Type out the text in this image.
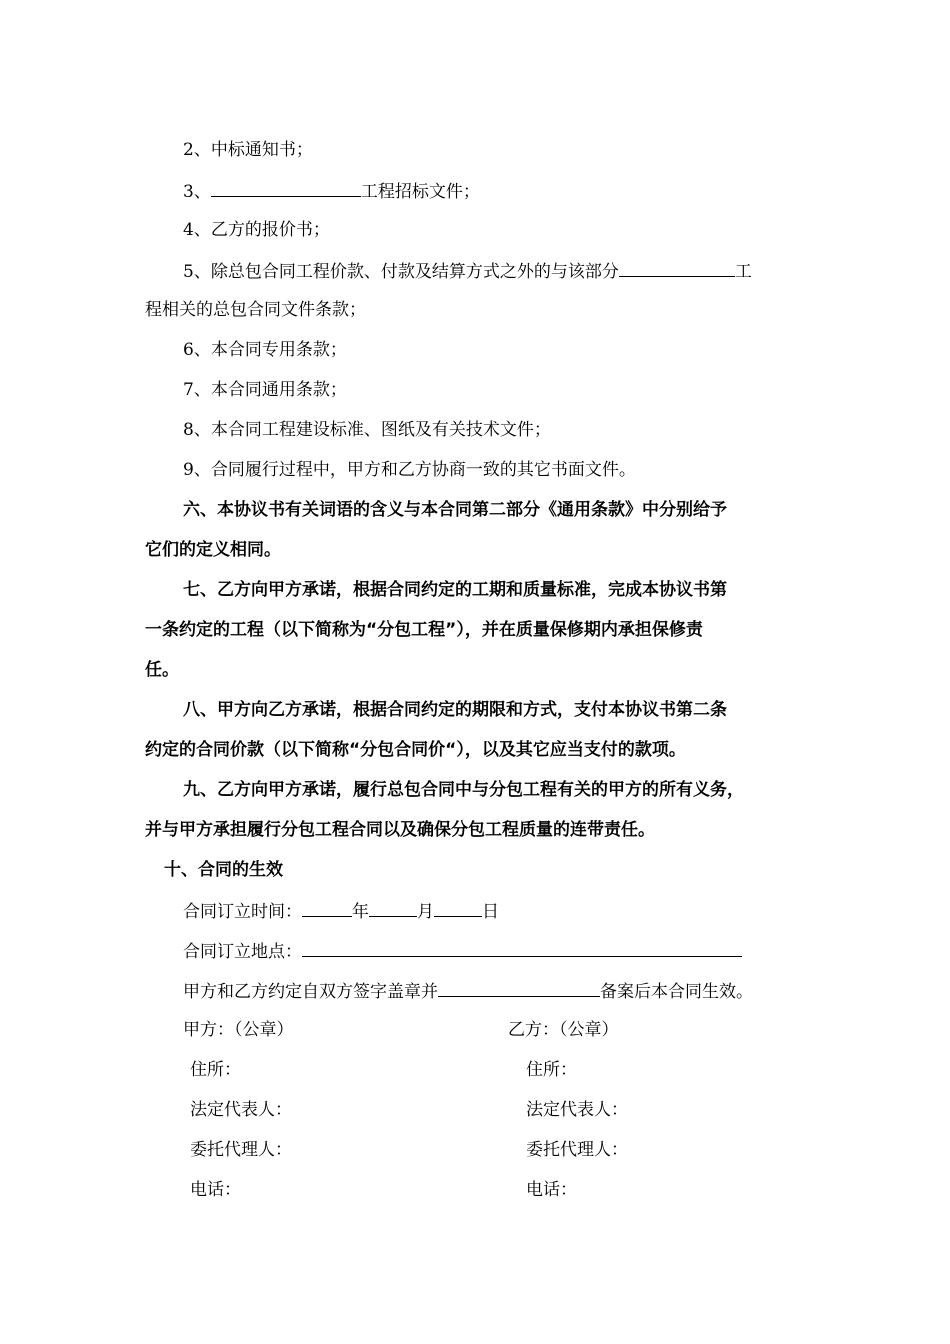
2、中标通知书；
3、	工程招标文件；
4、乙方的报价书；
5、除总包合同工程价款、付款及结算方式之外的与该部分	工
程相关的总包合同文件条款；
6、本合同专用条款；
7、本合同通用条款；
8、本合同工程建设标准、图纸及有关技术文件；
9、合同履行过程中，甲方和乙方协商一致的其它书面文件。
六、本协议书有关词语的含义与本合同第二部分《通用条款》中分别给予
它们的定义相同。
七、乙方向甲方承诺，根据合同约定的工期和质量标准，完成本协议书第
一条约定的工程（以下简称为“分包工程”），并在质量保修期内承担保修责
任。
八、甲方向乙方承诺，根据合同约定的期限和方式，支付本协议书第二条
约定的合同价款（以下简称“分包合同价“），以及其它应当支付的款项。
九、乙方向甲方承诺，履行总包合同中与分包工程有关的甲方的所有义务，
并与甲方承担履行分包工程合同以及确保分包工程质量的连带责任。
十、合同的生效
合同订立时间：	年	月	日
合同订立地点：
甲方和乙方约定自双方签字盖章并	备案后本合同生效。
甲方：（公章）	乙方：（公章）
住所：	住所：
法定代表人：	法定代表人：
委托代理人：	委托代理人：
电话：	电话：
